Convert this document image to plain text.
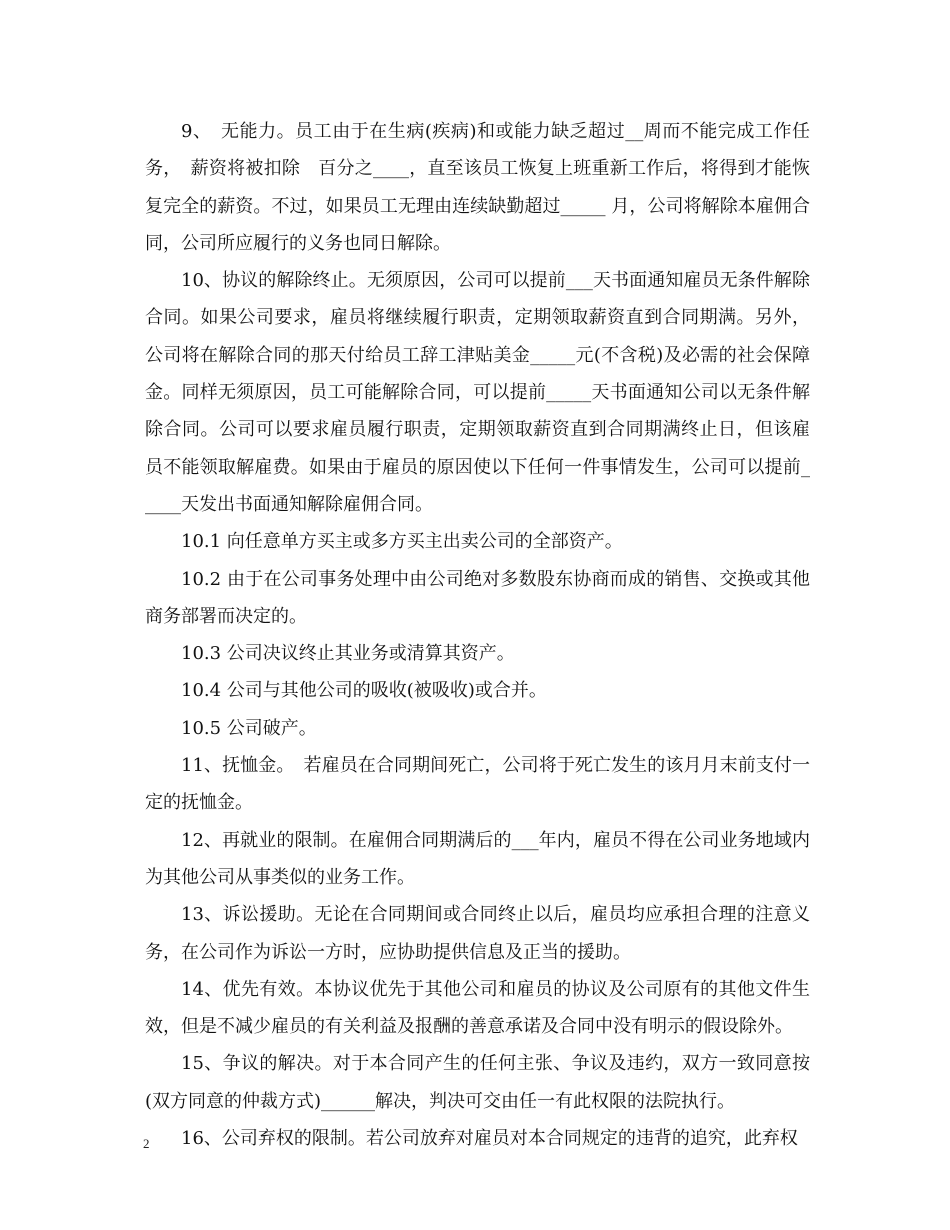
9、　无能力。员工由于在生病(疾病)和或能力缺乏超过__周而不能完成工作任务，　薪资将被扣除　百分之____，直至该员工恢复上班重新工作后，将得到才能恢复完全的薪资。不过，如果员工无理由连续缺勤超过_____ 月，公司将解除本雇佣合同，公司所应履行的义务也同日解除。

10、协议的解除终止。无须原因，公司可以提前___天书面通知雇员无条件解除合同。如果公司要求，雇员将继续履行职责，定期领取薪资直到合同期满。另外，公司将在解除合同的那天付给员工辞工津贴美金_____元(不含税)及必需的社会保障金。同样无须原因，员工可能解除合同，可以提前_____天书面通知公司以无条件解除合同。公司可以要求雇员履行职责，定期领取薪资直到合同期满终止日，但该雇员不能领取解雇费。如果由于雇员的原因使以下任何一件事情发生，公司可以提前_____天发出书面通知解除雇佣合同。

10.1 向任意单方买主或多方买主出卖公司的全部资产。

10.2 由于在公司事务处理中由公司绝对多数股东协商而成的销售、交换或其他商务部署而决定的。

10.3 公司决议终止其业务或清算其资产。

10.4 公司与其他公司的吸收(被吸收)或合并。

10.5 公司破产。

11、抚恤金。　若雇员在合同期间死亡，公司将于死亡发生的该月月末前支付一定的抚恤金。

12、再就业的限制。在雇佣合同期满后的___年内，雇员不得在公司业务地域内为其他公司从事类似的业务工作。

13、诉讼援助。无论在合同期间或合同终止以后，雇员均应承担合理的注意义务，在公司作为诉讼一方时，应协助提供信息及正当的援助。

14、优先有效。本协议优先于其他公司和雇员的协议及公司原有的其他文件生效，但是不减少雇员的有关利益及报酬的善意承诺及合同中没有明示的假设除外。

15、争议的解决。对于本合同产生的任何主张、争议及违约，双方一致同意按(双方同意的仲裁方式)______解决，判决可交由任一有此权限的法院执行。

16、公司弃权的限制。若公司放弃对雇员对本合同规定的违背的追究，此弃权

2
